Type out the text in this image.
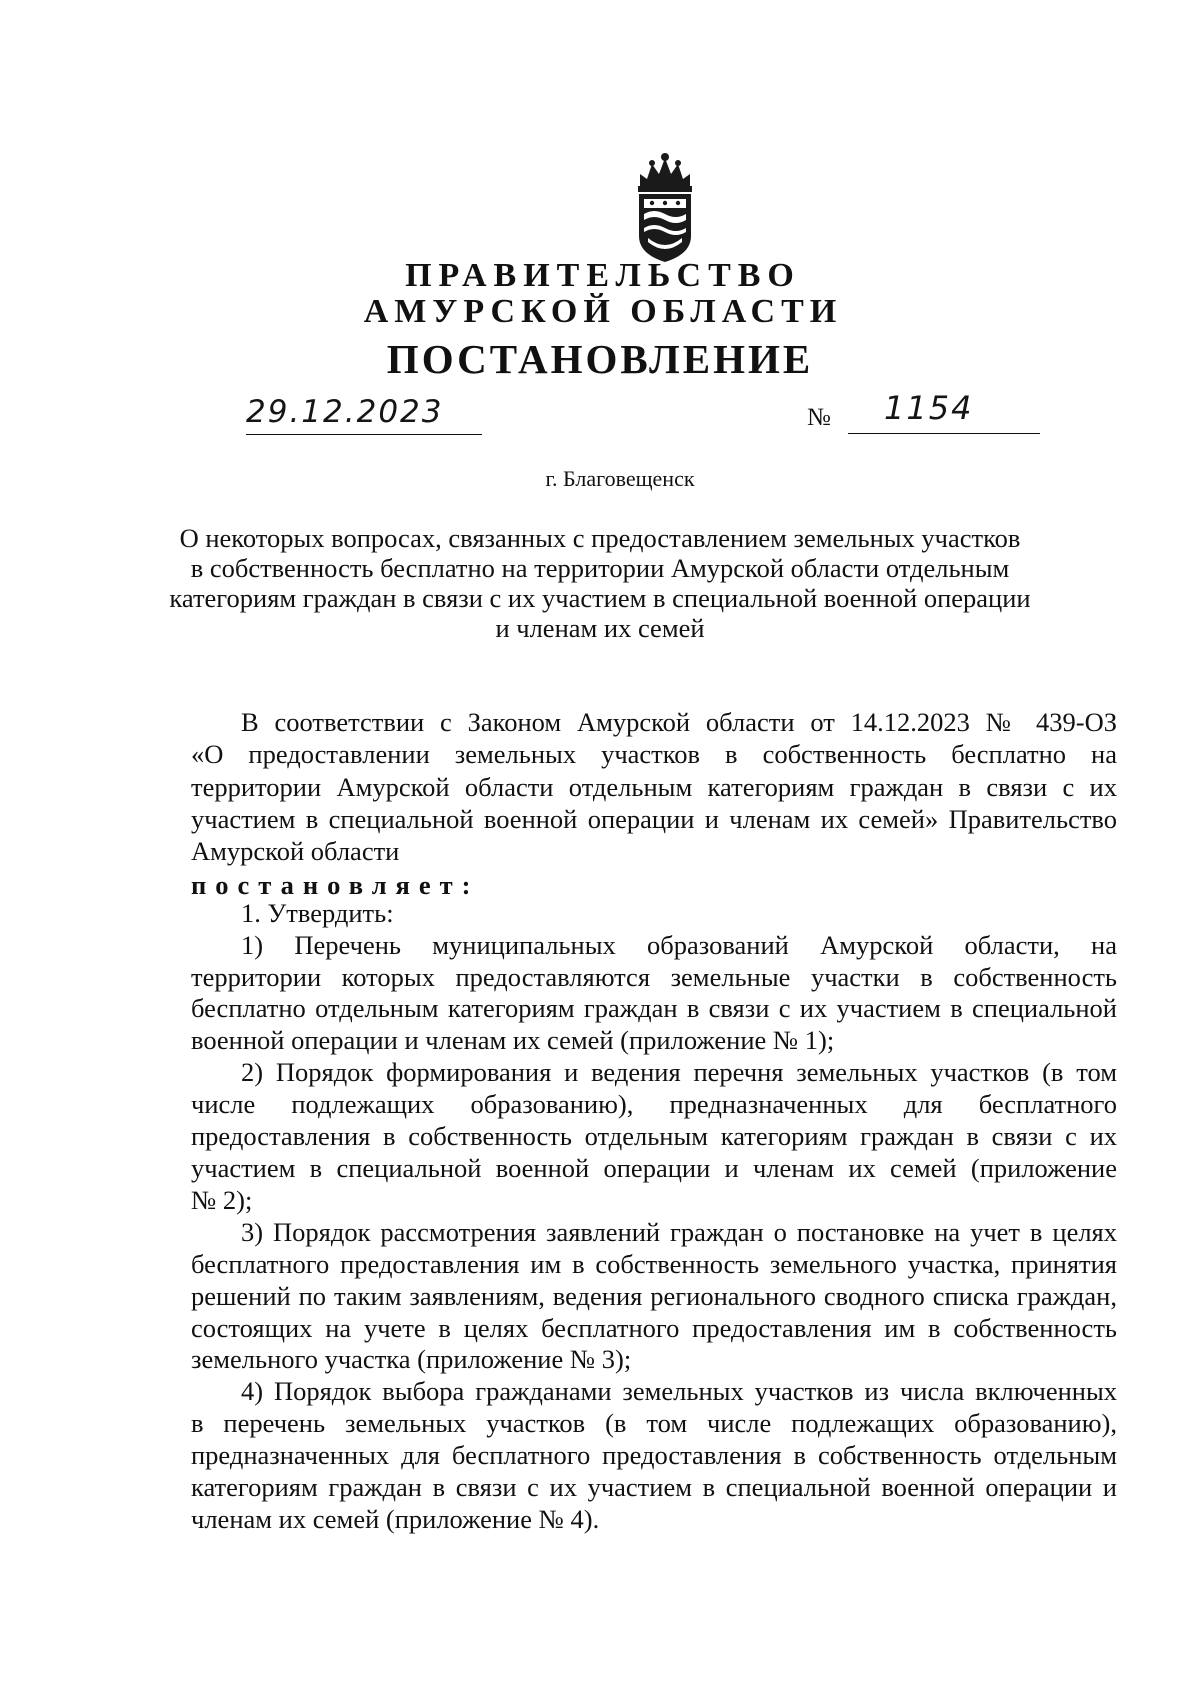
ПРАВИТЕЛЬСТВО
АМУРСКОЙ ОБЛАСТИ
ПОСТАНОВЛЕНИЕ
29.12.2023	№ 1154
г. Благовещенск
О некоторых вопросах, связанных с предоставлением земельных участков
в собственность бесплатно на территории Амурской области отдельным
категориям граждан в связи с их участием в специальной военной операции
и членам их семей
В соответствии с Законом Амурской области от 14.12.2023 № 439-ОЗ
«О предоставлении земельных участков в собственность бесплатно на
территории Амурской области отдельным категориям граждан в связи с их
участием в специальной военной операции и членам их семей» Правительство
Амурской области
постановляет:
1. Утвердить:
1) Перечень муниципальных образований Амурской области, на
территории которых предоставляются земельные участки в собственность
бесплатно отдельным категориям граждан в связи с их участием в специальной
военной операции и членам их семей (приложение № 1);
2) Порядок формирования и ведения перечня земельных участков (в том
числе подлежащих образованию), предназначенных для бесплатного
предоставления в собственность отдельным категориям граждан в связи с их
участием в специальной военной операции и членам их семей (приложение
№ 2);
3) Порядок рассмотрения заявлений граждан о постановке на учет в целях
бесплатного предоставления им в собственность земельного участка, принятия
решений по таким заявлениям, ведения регионального сводного списка граждан,
состоящих на учете в целях бесплатного предоставления им в собственность
земельного участка (приложение № 3);
4) Порядок выбора гражданами земельных участков из числа включенных
в перечень земельных участков (в том числе подлежащих образованию),
предназначенных для бесплатного предоставления в собственность отдельным
категориям граждан в связи с их участием в специальной военной операции и
членам их семей (приложение № 4).
